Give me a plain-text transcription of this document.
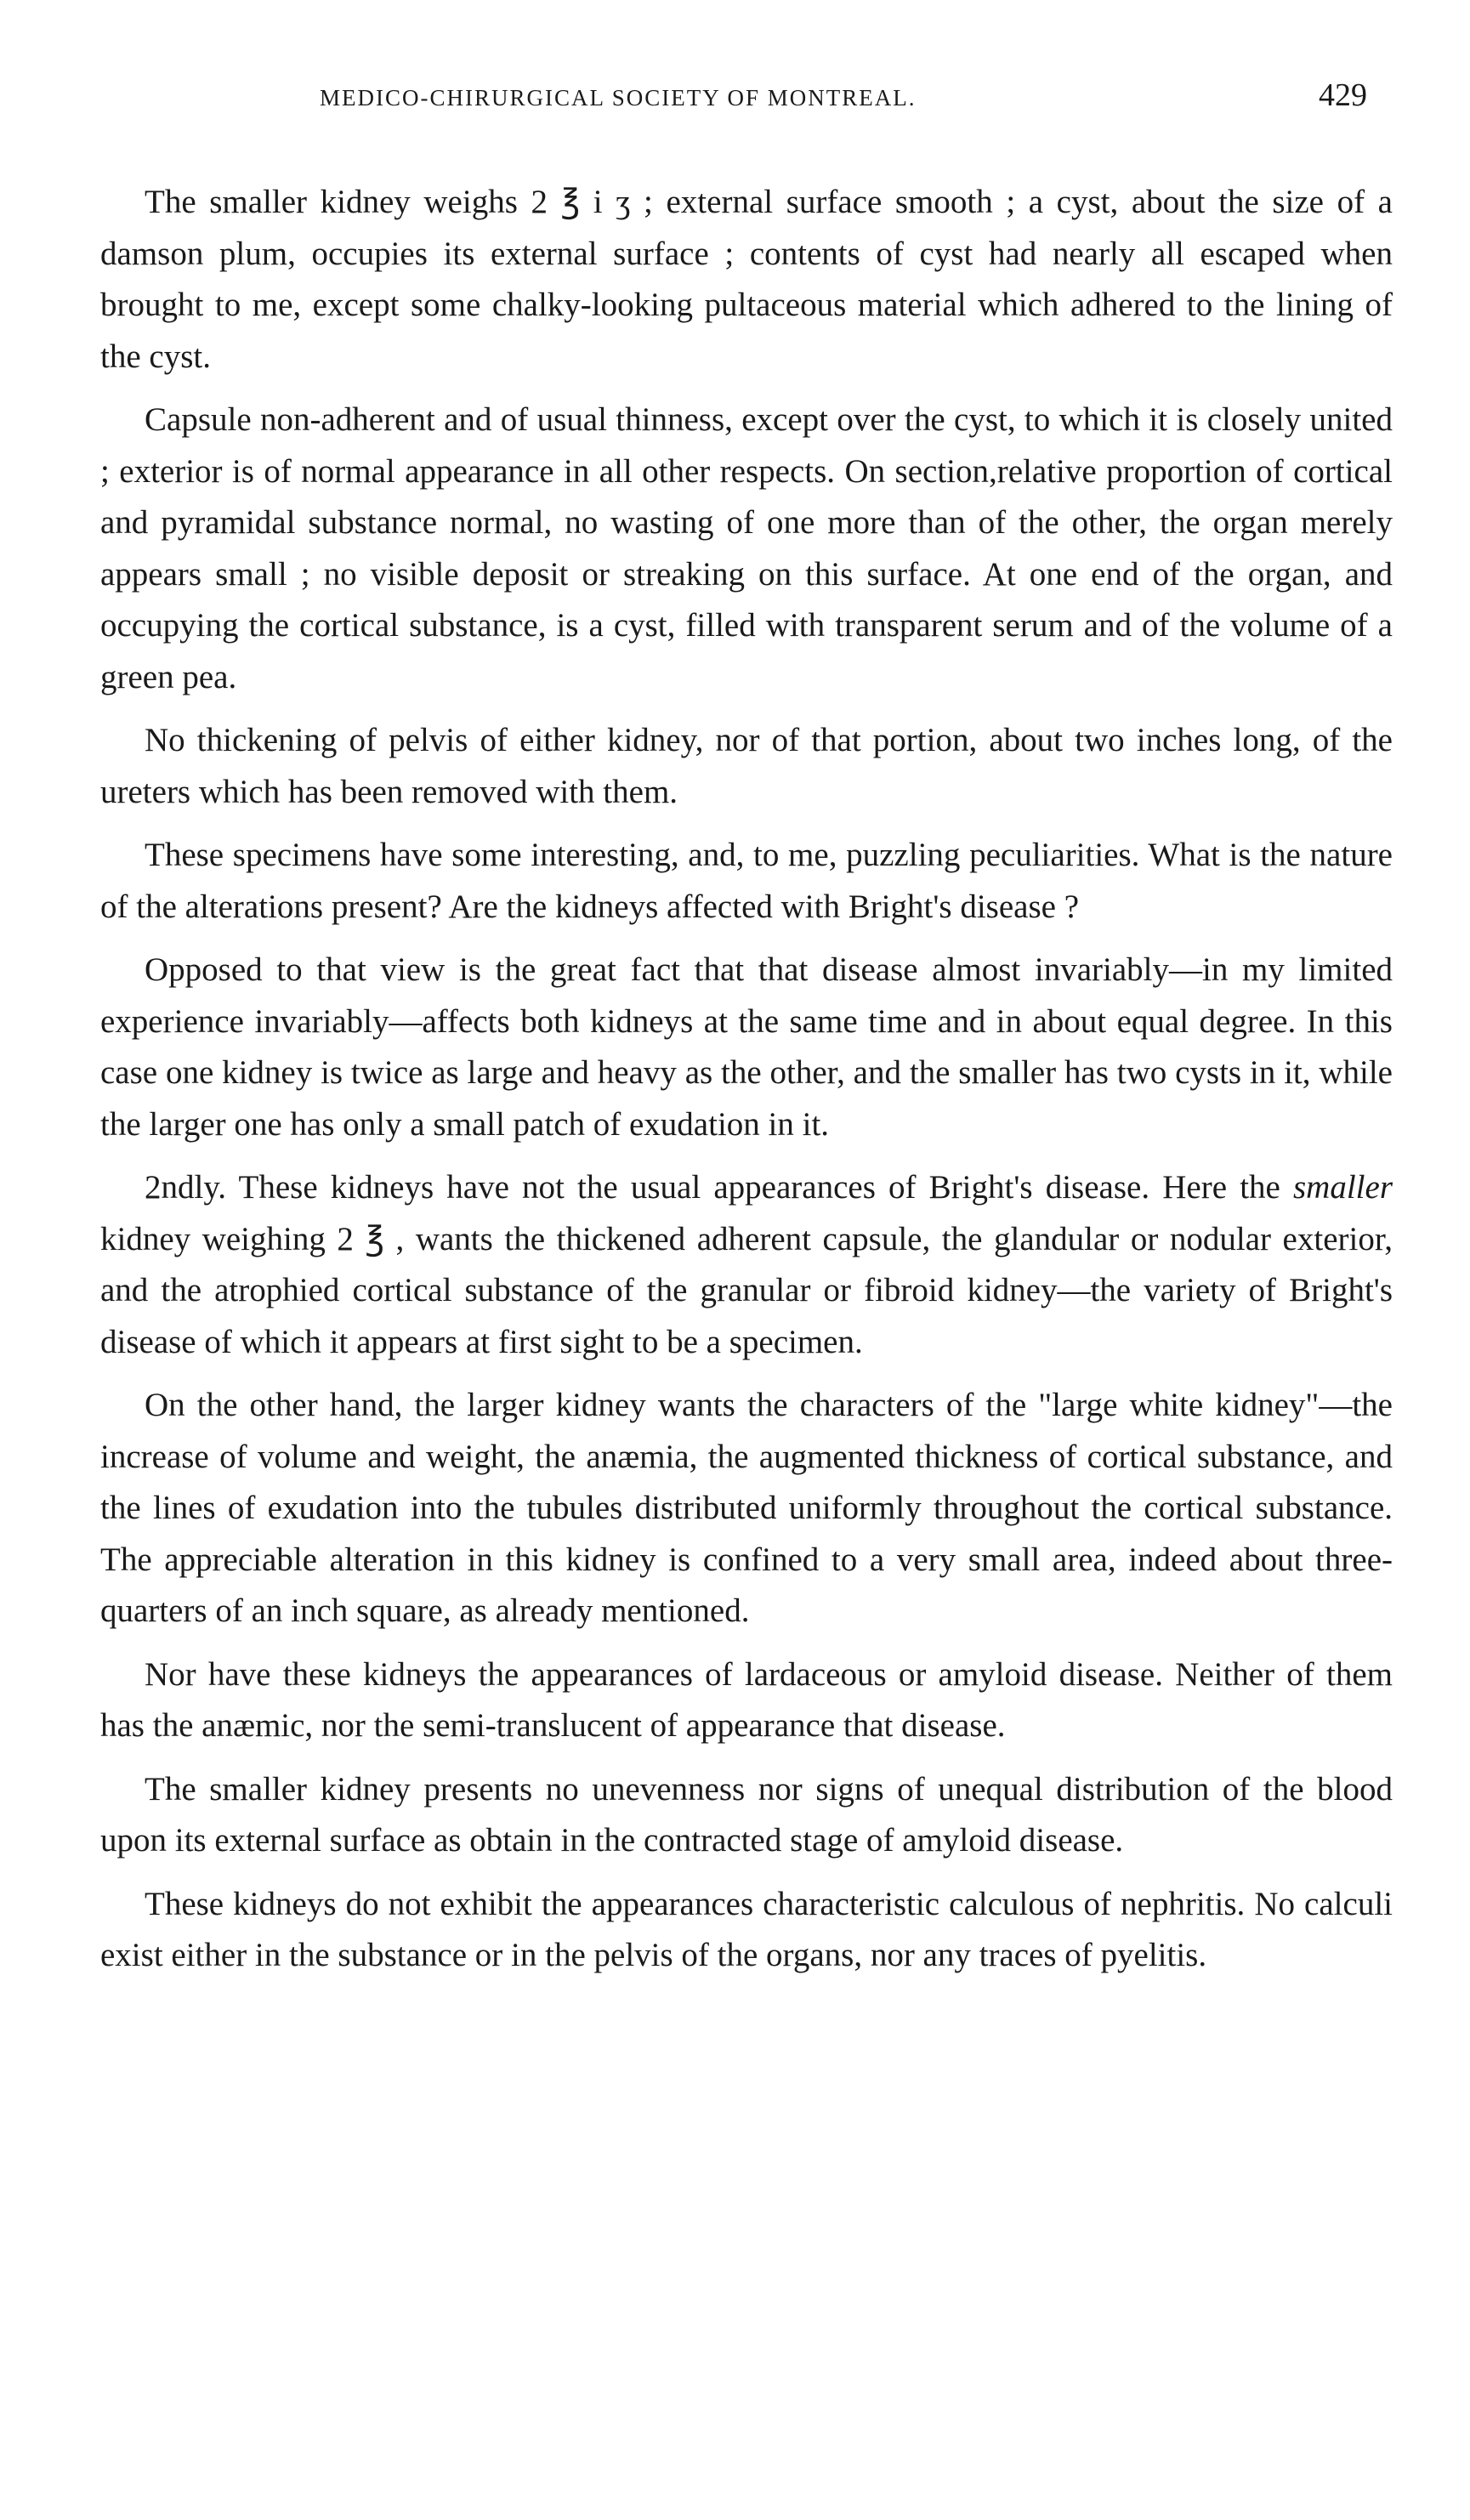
MEDICO-CHIRURGICAL SOCIETY OF MONTREAL.	429

The smaller kidney weighs 2 ℥ i ʒ ; external surface smooth ; a cyst, about the size of a damson plum, occupies its external surface ; contents of cyst had nearly all escaped when brought to me, except some chalky-looking pultaceous material which adhered to the lining of the cyst.

Capsule non-adherent and of usual thinness, except over the cyst, to which it is closely united ; exterior is of normal appearance in all other respects. On section,relative proportion of cortical and pyramidal substance normal, no wasting of one more than of the other, the organ merely appears small ; no visible deposit or streaking on this surface. At one end of the organ, and occupying the cortical substance, is a cyst, filled with transparent serum and of the volume of a green pea.

No thickening of pelvis of either kidney, nor of that portion, about two inches long, of the ureters which has been removed with them.

These specimens have some interesting, and, to me, puzzling peculiarities. What is the nature of the alterations present? Are the kidneys affected with Bright's disease ?

Opposed to that view is the great fact that that disease almost invariably—in my limited experience invariably—affects both kidneys at the same time and in about equal degree. In this case one kidney is twice as large and heavy as the other, and the smaller has two cysts in it, while the larger one has only a small patch of exudation in it.

2ndly. These kidneys have not the usual appearances of Bright's disease. Here the smaller kidney weighing 2 ℥ , wants the thickened adherent capsule, the glandular or nodular exterior, and the atrophied cortical substance of the granular or fibroid kidney—the variety of Bright's disease of which it appears at first sight to be a specimen.

On the other hand, the larger kidney wants the characters of the "large white kidney"—the increase of volume and weight, the anæmia, the augmented thickness of cortical substance, and the lines of exudation into the tubules distributed uniformly throughout the cortical substance. The appreciable alteration in this kidney is confined to a very small area, indeed about three-quarters of an inch square, as already mentioned.

Nor have these kidneys the appearances of lardaceous or amyloid disease. Neither of them has the anæmic, nor the semi-translucent of appearance that disease.

The smaller kidney presents no unevenness nor signs of unequal distribution of the blood upon its external surface as obtain in the contracted stage of amyloid disease.

These kidneys do not exhibit the appearances characteristic calculous of nephritis. No calculi exist either in the substance or in the pelvis of the organs, nor any traces of pyelitis.
